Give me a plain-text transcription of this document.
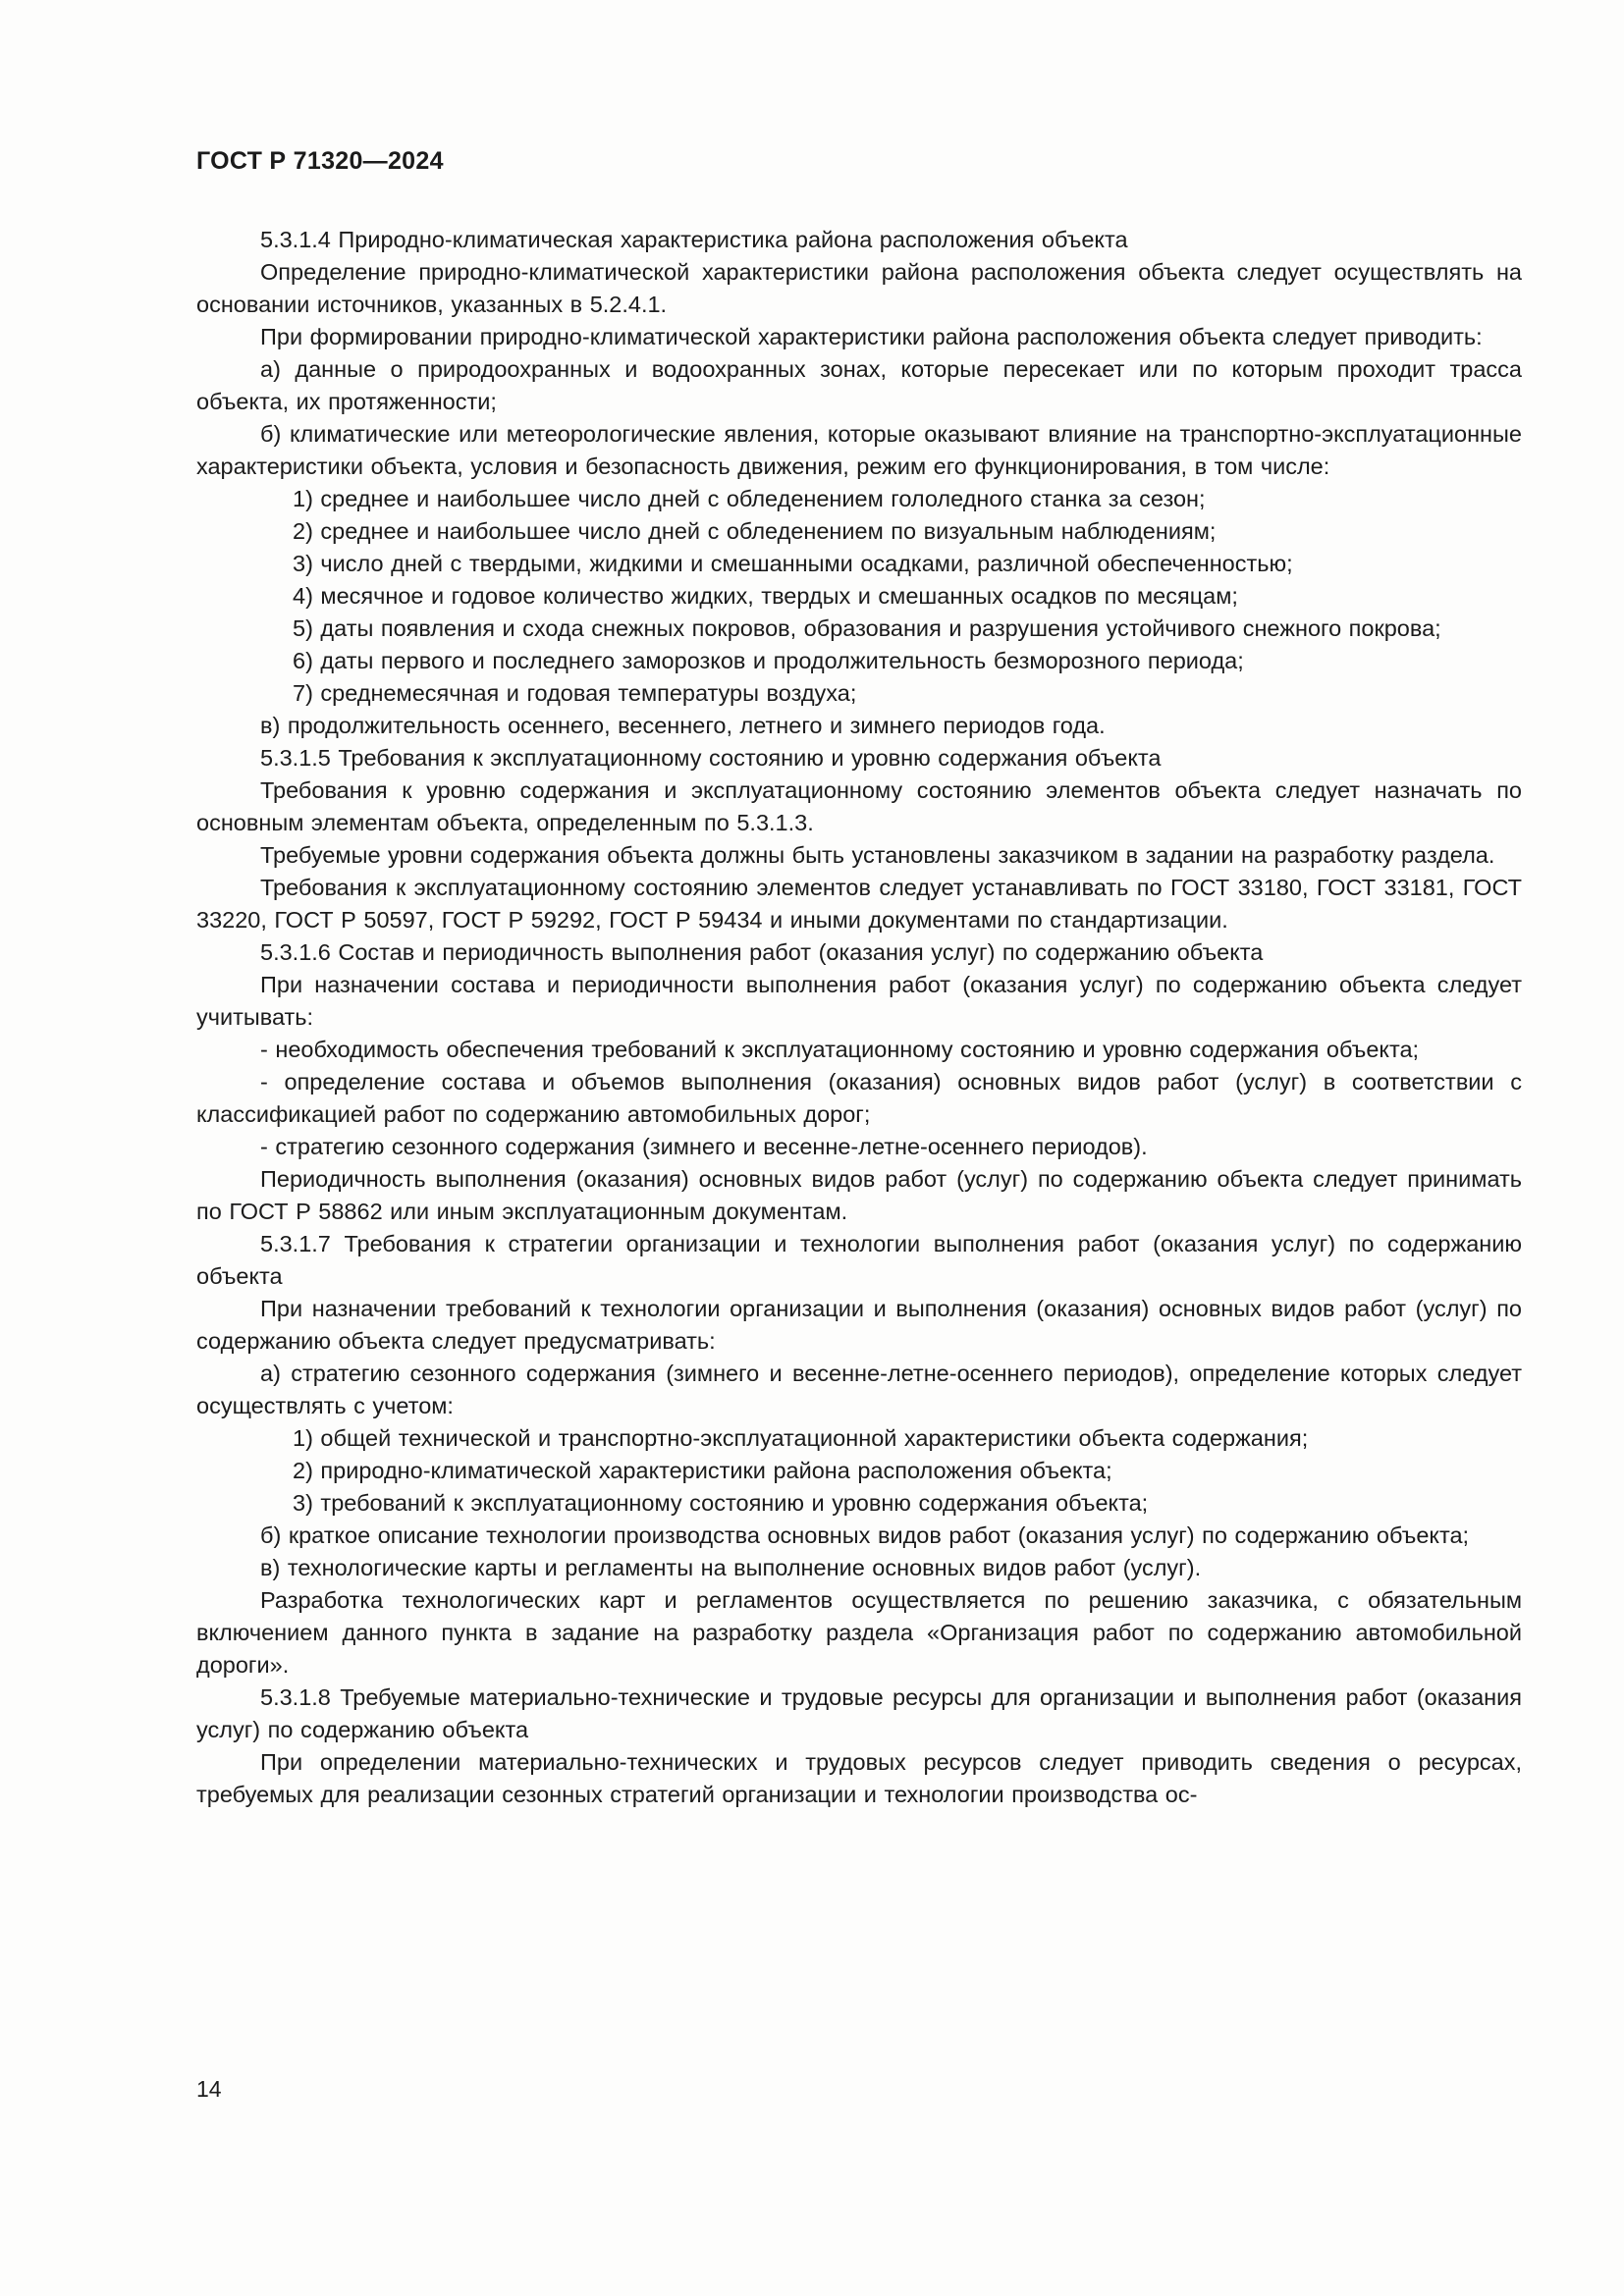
ГОСТ Р 71320—2024

5.3.1.4 Природно-климатическая характеристика района расположения объекта

Определение природно-климатической характеристики района расположения объекта следует осуществлять на основании источников, указанных в 5.2.4.1.

При формировании природно-климатической характеристики района расположения объекта следует приводить:

а) данные о природоохранных и водоохранных зонах, которые пересекает или по которым проходит трасса объекта, их протяженности;

б) климатические или метеорологические явления, которые оказывают влияние на транспортно-эксплуатационные характеристики объекта, условия и безопасность движения, режим его функционирования, в том числе:

1) среднее и наибольшее число дней с обледенением гололедного станка за сезон;

2) среднее и наибольшее число дней с обледенением по визуальным наблюдениям;

3) число дней с твердыми, жидкими и смешанными осадками, различной обеспеченностью;

4) месячное и годовое количество жидких, твердых и смешанных осадков по месяцам;

5) даты появления и схода снежных покровов, образования и разрушения устойчивого снежного покрова;

6) даты первого и последнего заморозков и продолжительность безморозного периода;

7) среднемесячная и годовая температуры воздуха;

в) продолжительность осеннего, весеннего, летнего и зимнего периодов года.

5.3.1.5 Требования к эксплуатационному состоянию и уровню содержания объекта

Требования к уровню содержания и эксплуатационному состоянию элементов объекта следует назначать по основным элементам объекта, определенным по 5.3.1.3.

Требуемые уровни содержания объекта должны быть установлены заказчиком в задании на разработку раздела.

Требования к эксплуатационному состоянию элементов следует устанавливать по ГОСТ 33180, ГОСТ 33181, ГОСТ 33220, ГОСТ Р 50597, ГОСТ Р 59292, ГОСТ Р 59434 и иными документами по стандартизации.

5.3.1.6 Состав и периодичность выполнения работ (оказания услуг) по содержанию объекта

При назначении состава и периодичности выполнения работ (оказания услуг) по содержанию объекта следует учитывать:

- необходимость обеспечения требований к эксплуатационному состоянию и уровню содержания объекта;

- определение состава и объемов выполнения (оказания) основных видов работ (услуг) в соответствии с классификацией работ по содержанию автомобильных дорог;

- стратегию сезонного содержания (зимнего и весенне-летне-осеннего периодов).

Периодичность выполнения (оказания) основных видов работ (услуг) по содержанию объекта следует принимать по ГОСТ Р 58862 или иным эксплуатационным документам.

5.3.1.7 Требования к стратегии организации и технологии выполнения работ (оказания услуг) по содержанию объекта

При назначении требований к технологии организации и выполнения (оказания) основных видов работ (услуг) по содержанию объекта следует предусматривать:

а) стратегию сезонного содержания (зимнего и весенне-летне-осеннего периодов), определение которых следует осуществлять с учетом:

1) общей технической и транспортно-эксплуатационной характеристики объекта содержания;

2) природно-климатической характеристики района расположения объекта;

3) требований к эксплуатационному состоянию и уровню содержания объекта;

б) краткое описание технологии производства основных видов работ (оказания услуг) по содержанию объекта;

в) технологические карты и регламенты на выполнение основных видов работ (услуг).

Разработка технологических карт и регламентов осуществляется по решению заказчика, с обязательным включением данного пункта в задание на разработку раздела «Организация работ по содержанию автомобильной дороги».

5.3.1.8 Требуемые материально-технические и трудовые ресурсы для организации и выполнения работ (оказания услуг) по содержанию объекта

При определении материально-технических и трудовых ресурсов следует приводить сведения о ресурсах, требуемых для реализации сезонных стратегий организации и технологии производства ос-

14
